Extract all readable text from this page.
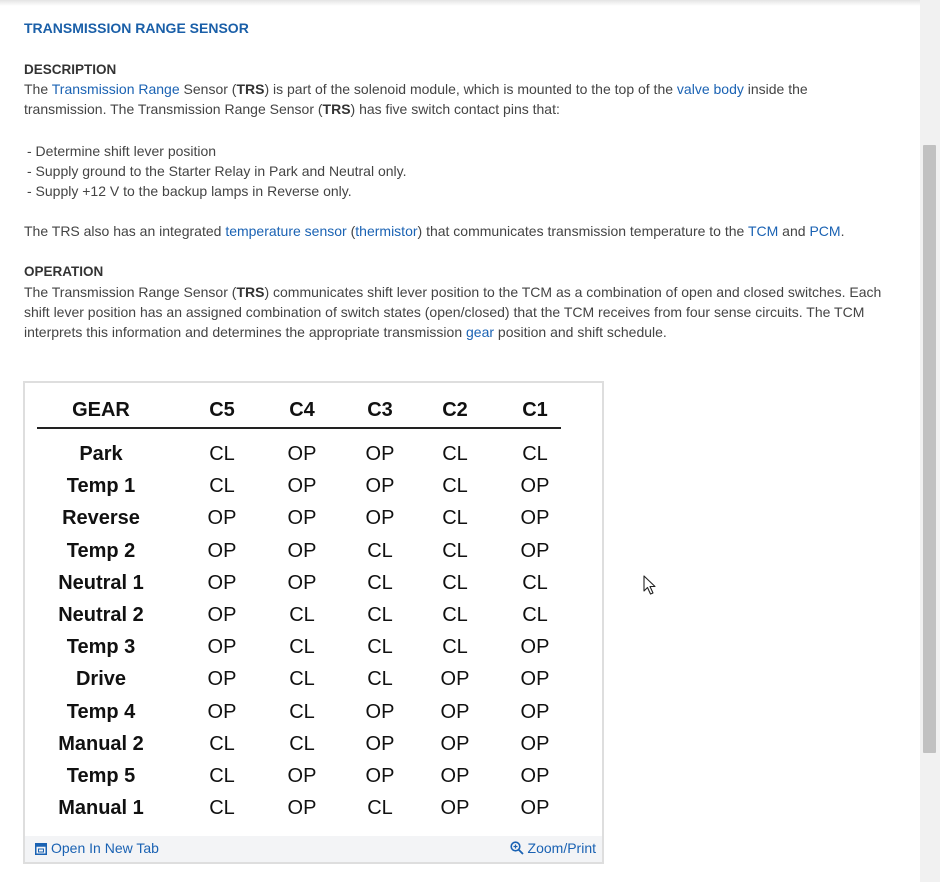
TRANSMISSION RANGE SENSOR
DESCRIPTION
The Transmission Range Sensor (TRS) is part of the solenoid module, which is mounted to the top of the valve body inside the
transmission. The Transmission Range Sensor (TRS) has five switch contact pins that:
- Determine shift lever position
- Supply ground to the Starter Relay in Park and Neutral only.
- Supply +12 V to the backup lamps in Reverse only.
The TRS also has an integrated temperature sensor (thermistor) that communicates transmission temperature to the TCM and PCM.
OPERATION
The Transmission Range Sensor (TRS) communicates shift lever position to the TCM as a combination of open and closed switches. Each
shift lever position has an assigned combination of switch states (open/closed) that the TCM receives from four sense circuits. The TCM
interprets this information and determines the appropriate transmission gear position and shift schedule.
GEAR	C5	C4	C3	C2	C1
Park	CL	OP	OP	CL	CL
Temp 1	CL	OP	OP	CL	OP
Reverse	OP	OP	OP	CL	OP
Temp 2	OP	OP	CL	CL	OP
Neutral 1	OP	OP	CL	CL	CL
Neutral 2	OP	CL	CL	CL	CL
Temp 3	OP	CL	CL	CL	OP
Drive	OP	CL	CL	OP	OP
Temp 4	OP	CL	OP	OP	OP
Manual 2	CL	CL	OP	OP	OP
Temp 5	CL	OP	OP	OP	OP
Manual 1	CL	OP	CL	OP	OP
Open In New Tab	Zoom/Print
